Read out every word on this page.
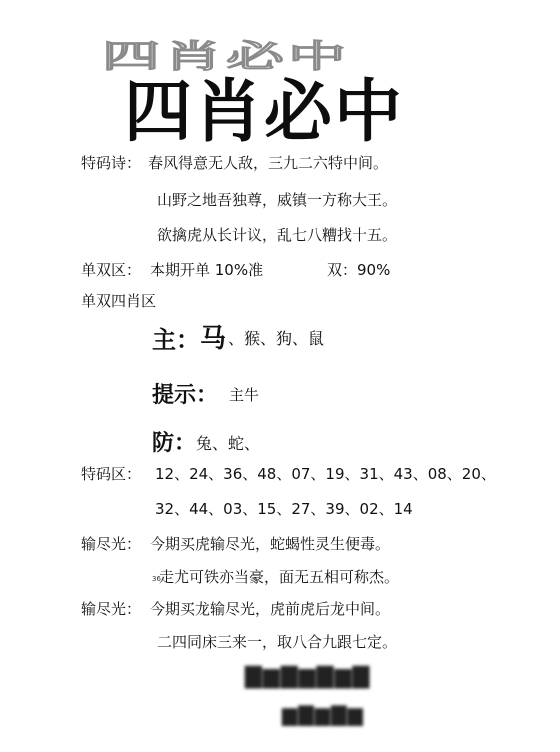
四肖必中
四肖必中
特码诗： 春风得意无人敌，三九二六特中间。
山野之地吾独尊，威镇一方称大王。
欲擒虎从长计议，乱七八糟找十五。
单双区： 本期开单 10%准	双：90%
单双四肖区
主： 马 、猴、狗、鼠
提示： 主牛
防： 兔、蛇、
特码区： 12、24、36、48、07、19、31、43、08、20、
32、44、03、15、27、39、02、14
输尽光： 今期买虎输尽光，蛇蝎性灵生便毒。
36
走尤可铁亦当豪，面无五相可称杰。
输尽光： 今期买龙输尽光，虎前虎后龙中间。
二四同床三来一，取八合九跟七定。
▇▆▇▆▇▆▇
▆▇▆▇▆
